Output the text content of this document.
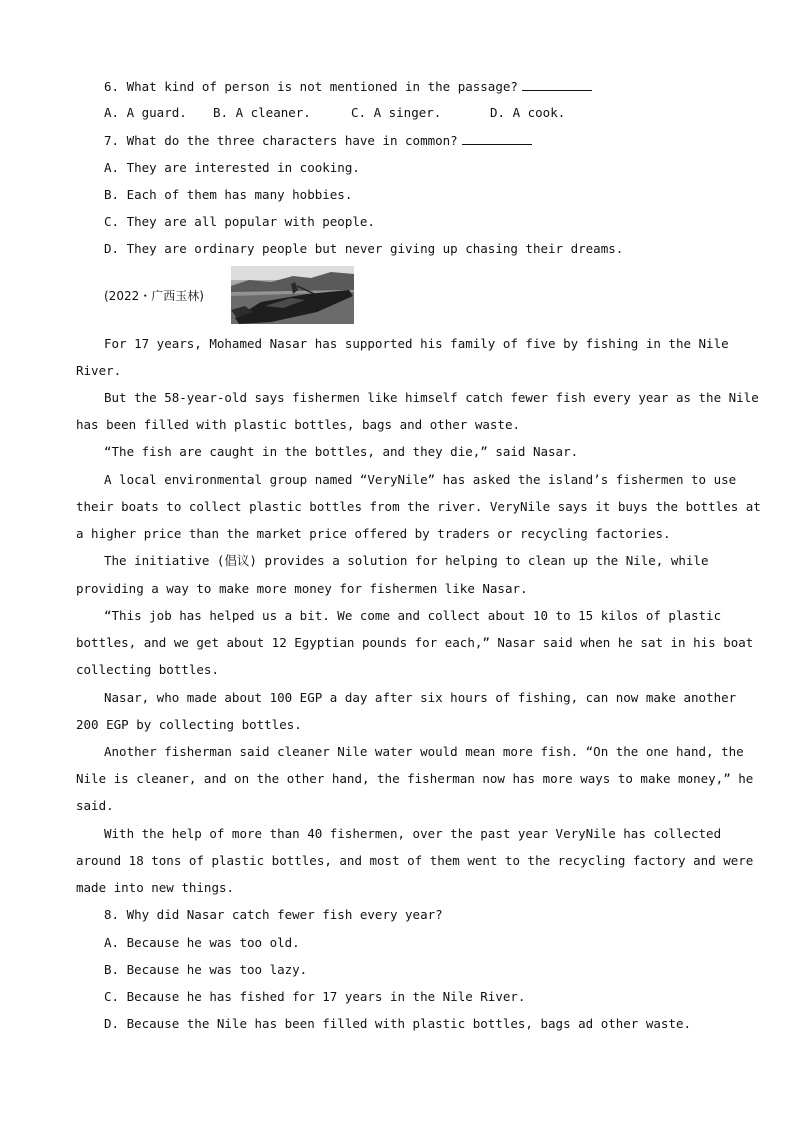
6. What kind of person is not mentioned in the passage?
A. A guard. B. A cleaner.	C. A singer.	D. A cook.
7. What do the three characters have in common?
A. They are interested in cooking.
B. Each of them has many hobbies.
C. They are all popular with people.
D. They are ordinary people but never giving up chasing their dreams.
(2022・广西玉林)
For 17 years, Mohamed Nasar has supported his family of five by fishing in the Nile
River.
But the 58-year-old says fishermen like himself catch fewer fish every year as the Nile
has been filled with plastic bottles, bags and other waste.
“The fish are caught in the bottles, and they die,” said Nasar.
A local environmental group named “VeryNile” has asked the island’s fishermen to use
their boats to collect plastic bottles from the river. VeryNile says it buys the bottles at
a higher price than the market price offered by traders or recycling factories.
The initiative (倡议) provides a solution for helping to clean up the Nile, while
providing a way to make more money for fishermen like Nasar.
“This job has helped us a bit. We come and collect about 10 to 15 kilos of plastic
bottles, and we get about 12 Egyptian pounds for each,” Nasar said when he sat in his boat
collecting bottles.
Nasar, who made about 100 EGP a day after six hours of fishing, can now make another
200 EGP by collecting bottles.
Another fisherman said cleaner Nile water would mean more fish. “On the one hand, the
Nile is cleaner, and on the other hand, the fisherman now has more ways to make money,” he
said.
With the help of more than 40 fishermen, over the past year VeryNile has collected
around 18 tons of plastic bottles, and most of them went to the recycling factory and were
made into new things.
8. Why did Nasar catch fewer fish every year?
A. Because he was too old.
B. Because he was too lazy.
C. Because he has fished for 17 years in the Nile River.
D. Because the Nile has been filled with plastic bottles, bags ad other waste.
